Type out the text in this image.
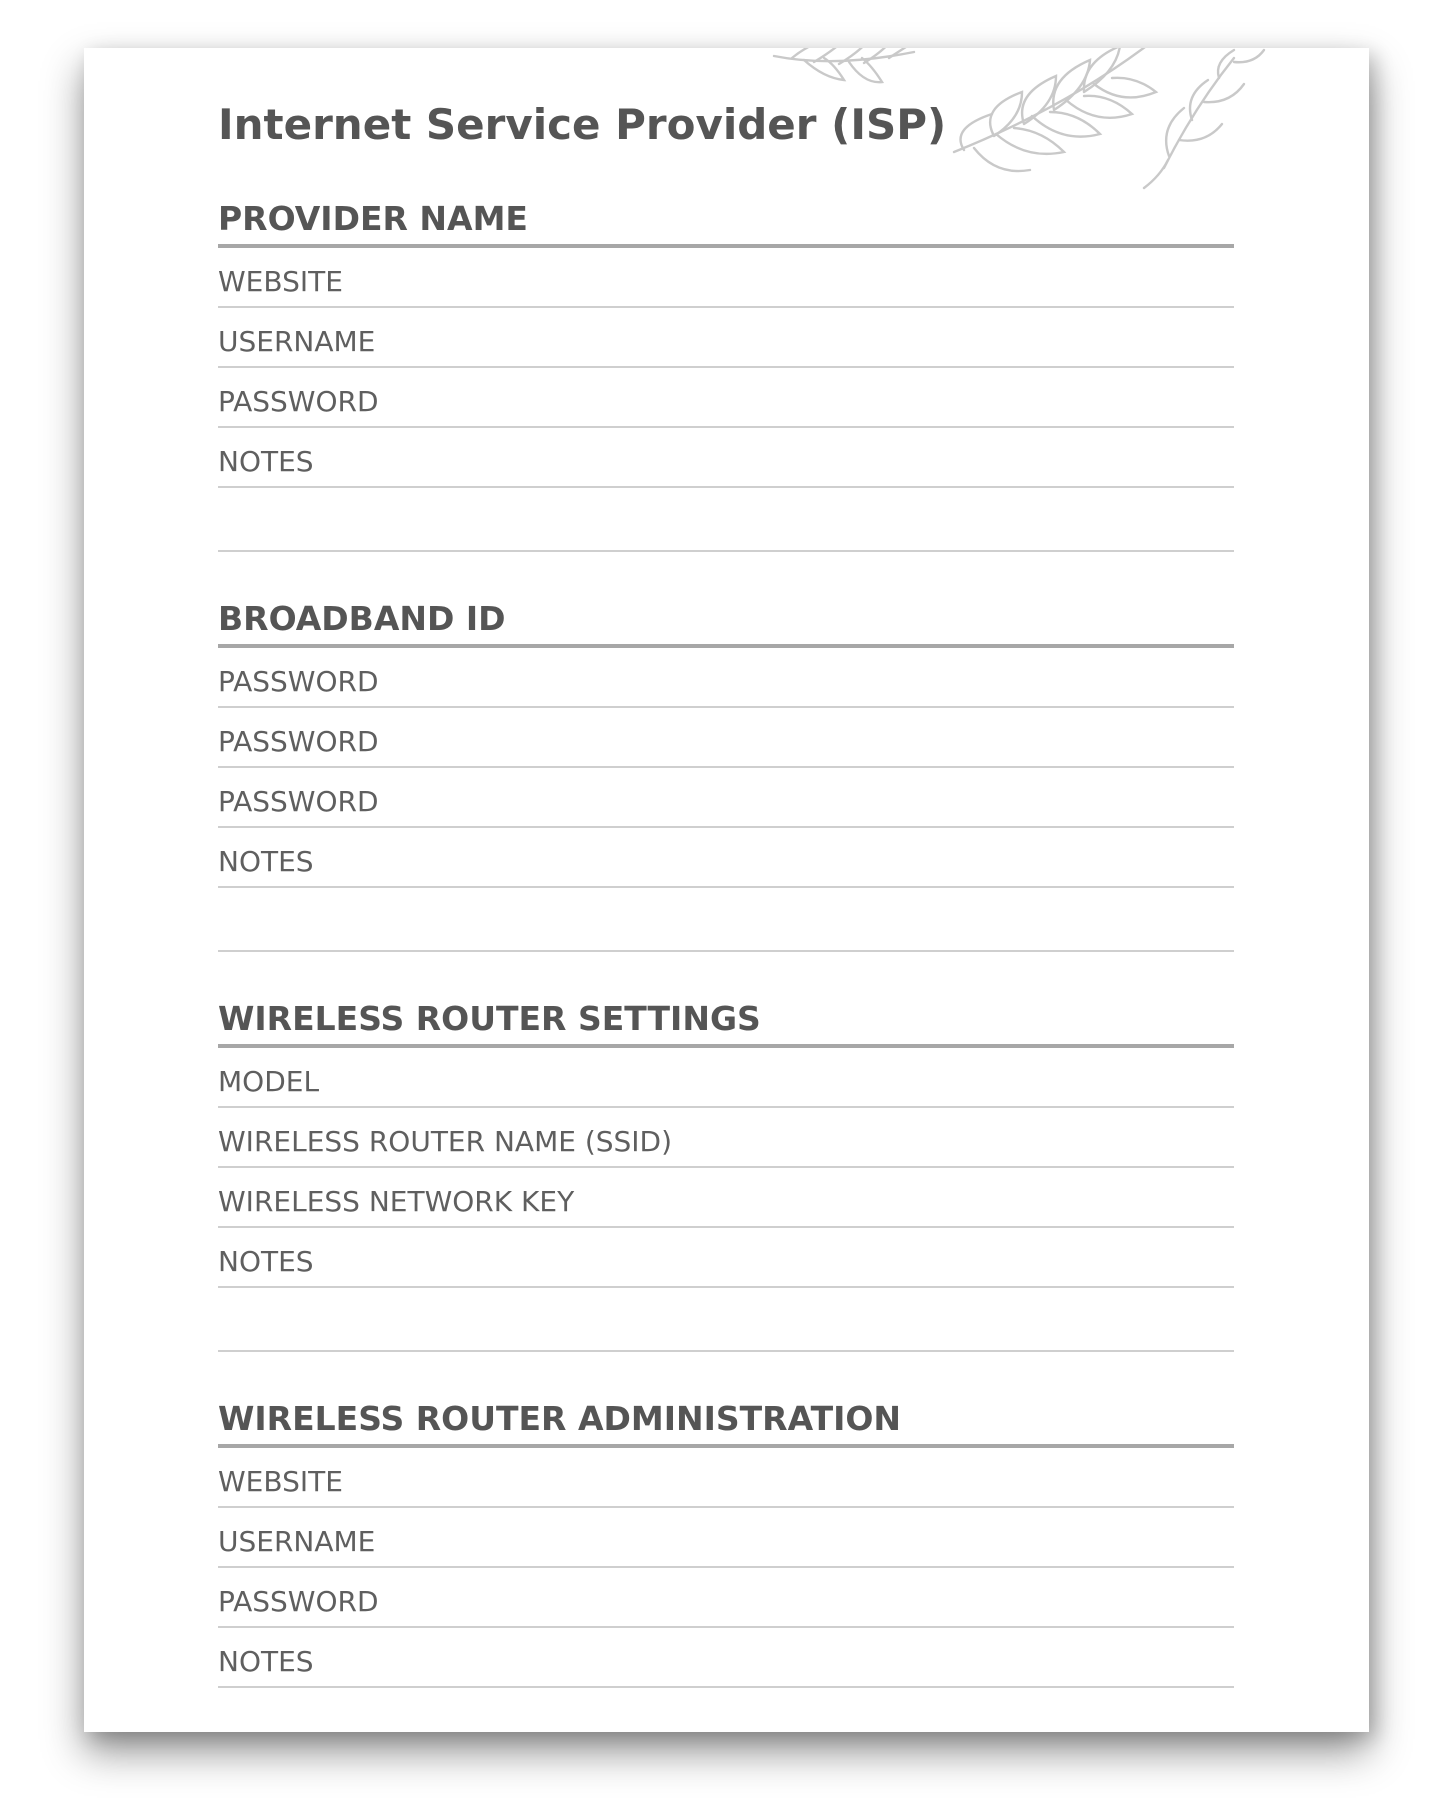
Internet Service Provider (ISP)
PROVIDER NAME
WEBSITE
USERNAME
PASSWORD
NOTES
BROADBAND ID
PASSWORD
PASSWORD
PASSWORD
NOTES
WIRELESS ROUTER SETTINGS
MODEL
WIRELESS ROUTER NAME (SSID)
WIRELESS NETWORK KEY
NOTES
WIRELESS ROUTER ADMINISTRATION
WEBSITE
USERNAME
PASSWORD
NOTES
